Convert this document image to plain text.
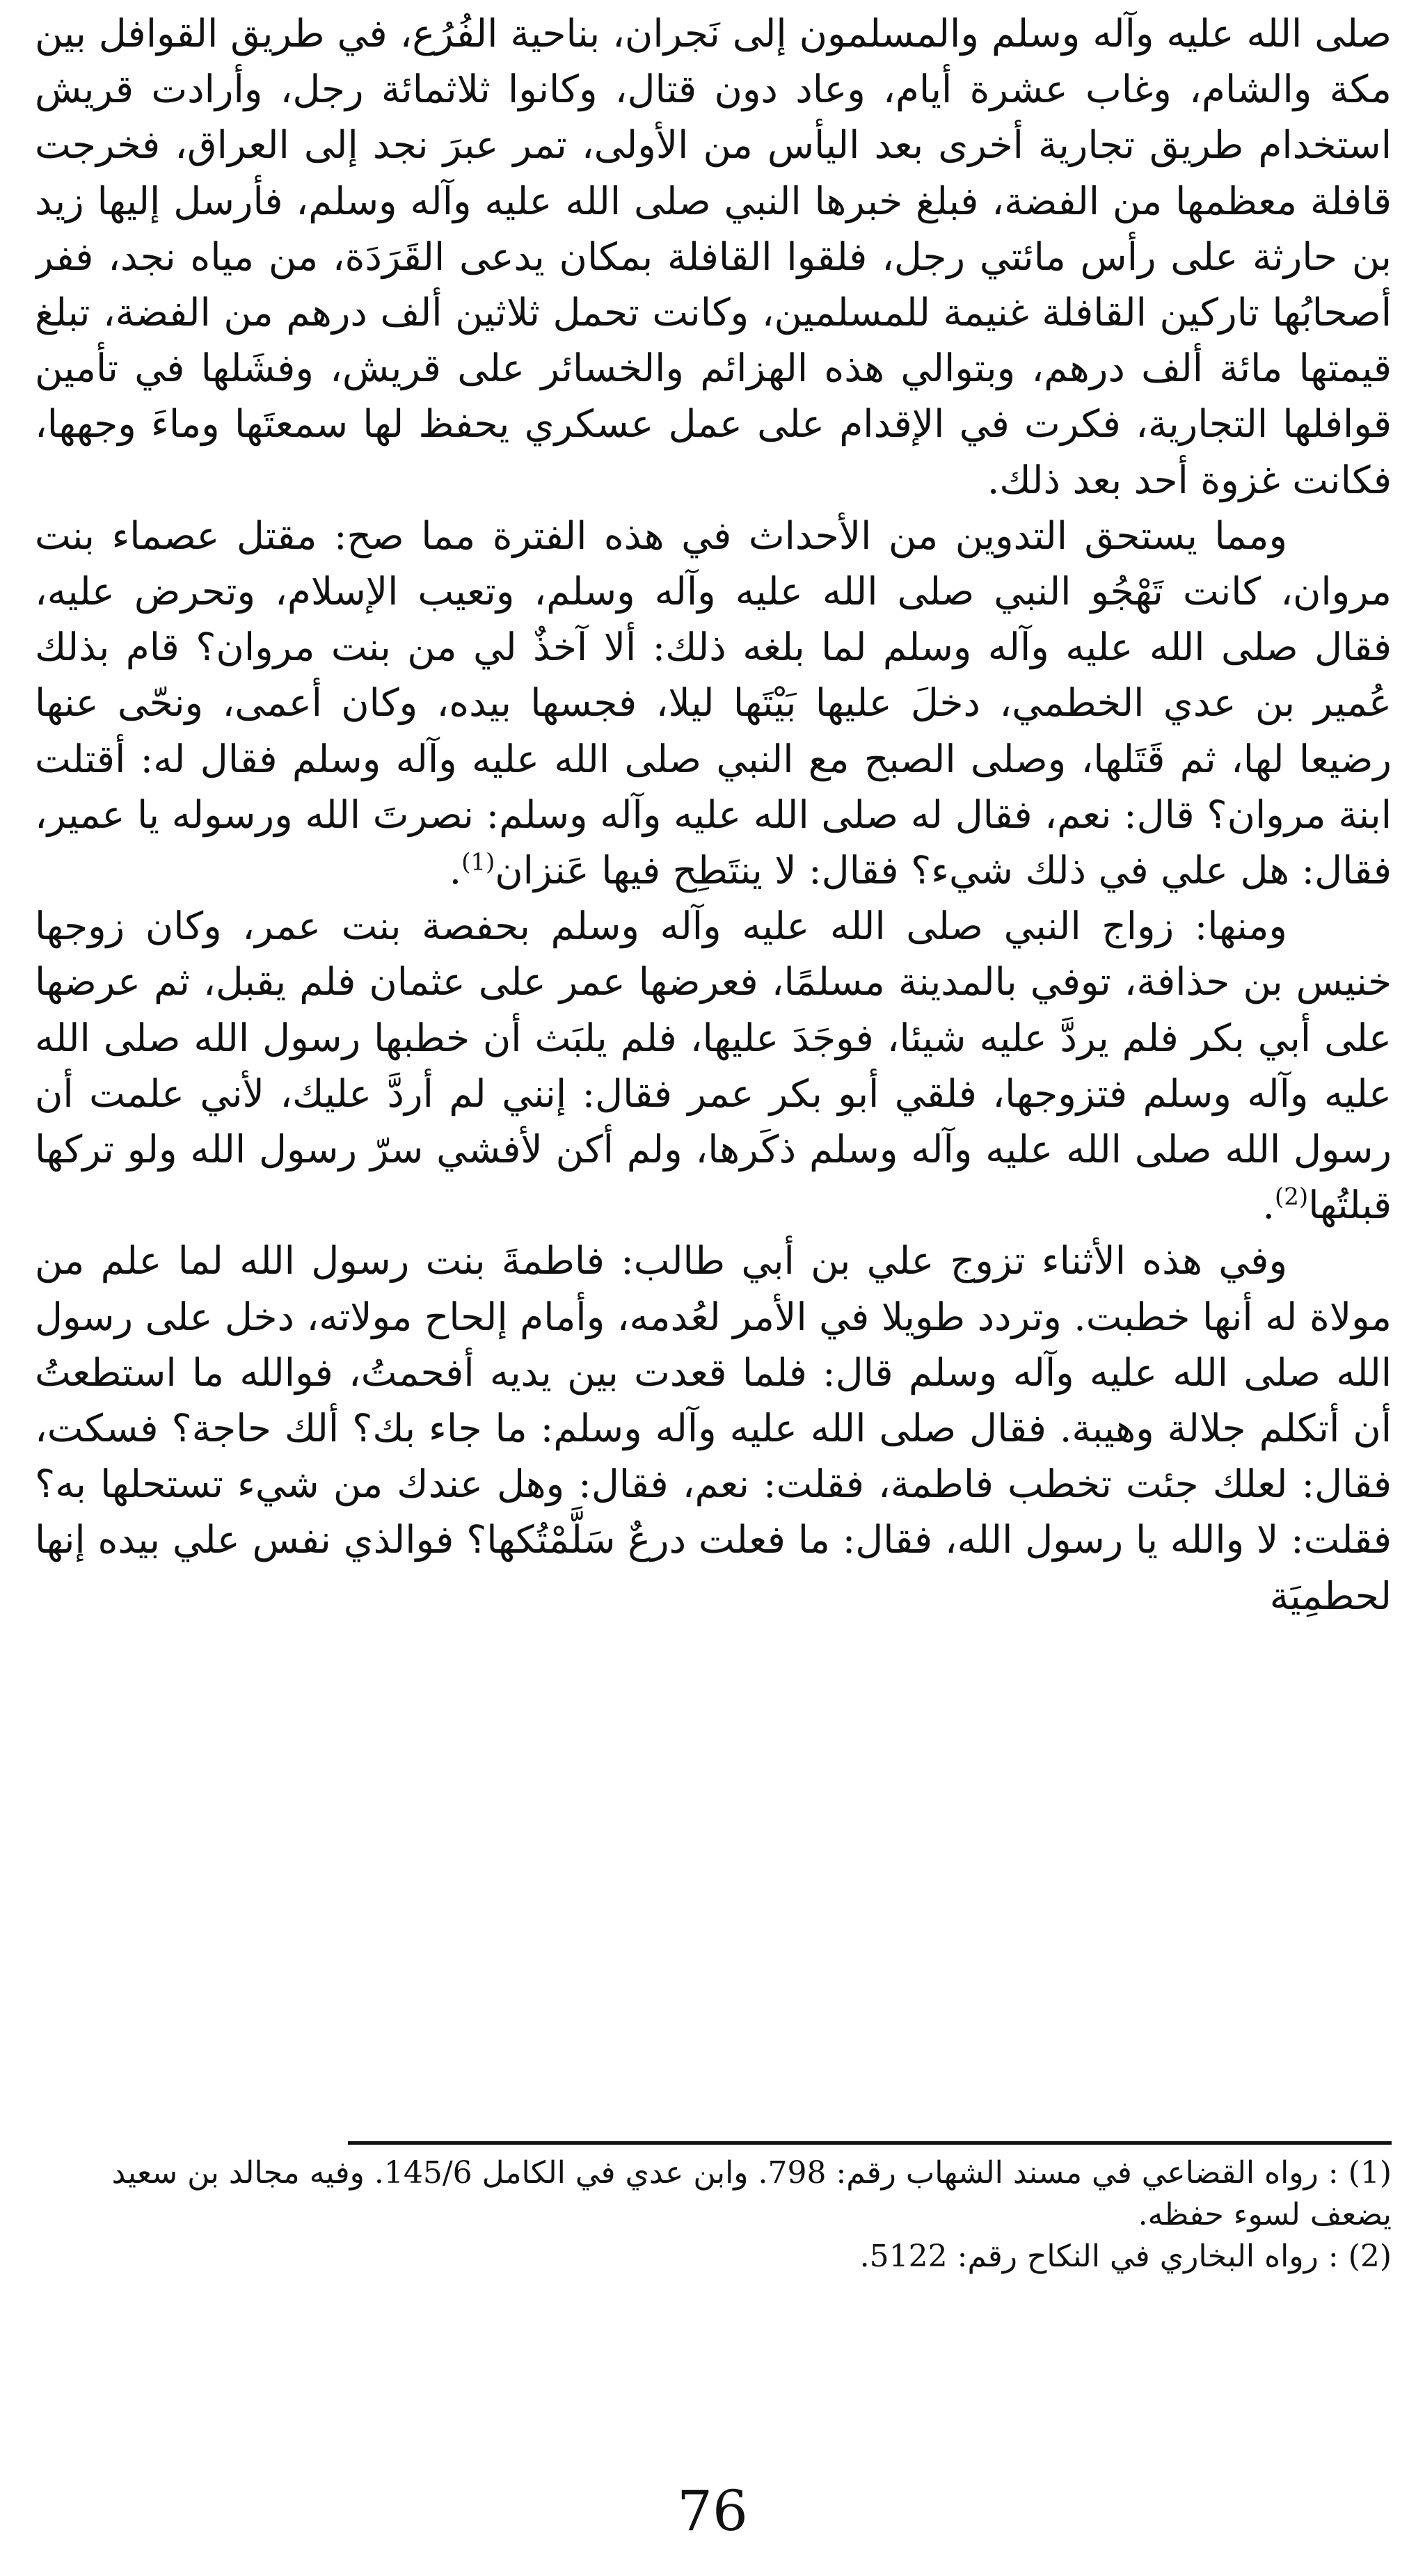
صلى الله عليه وآله وسلم والمسلمون إلى نَجران، بناحية الفُرُع، في طريق القوافل بين مكة والشام، وغاب عشرة أيام، وعاد دون قتال، وكانوا ثلاثمائة رجل، وأرادت قريش استخدام طريق تجارية أخرى بعد اليأس من الأولى، تمر عبرَ نجد إلى العراق، فخرجت قافلة معظمها من الفضة، فبلغ خبرها النبي صلى الله عليه وآله وسلم، فأرسل إليها زيد بن حارثة على رأس مائتي رجل، فلقوا القافلة بمكان يدعى القَرَدَة، من مياه نجد، ففر أصحابُها تاركين القافلة غنيمة للمسلمين، وكانت تحمل ثلاثين ألف درهم من الفضة، تبلغ قيمتها مائة ألف درهم، وبتوالي هذه الهزائم والخسائر على قريش، وفشَلها في تأمين قوافلها التجارية، فكرت في الإقدام على عمل عسكري يحفظ لها سمعتَها وماءَ وجهها، فكانت غزوة أحد بعد ذلك.

ومما يستحق التدوين من الأحداث في هذه الفترة مما صح: مقتل عصماء بنت مروان، كانت تَهْجُو النبي صلى الله عليه وآله وسلم، وتعيب الإسلام، وتحرض عليه، فقال صلى الله عليه وآله وسلم لما بلغه ذلك: ألا آخذٌ لي من بنت مروان؟ قام بذلك عُمير بن عدي الخطمي، دخلَ عليها بَيْتَها ليلا، فجسها بيده، وكان أعمى، ونحّى عنها رضيعا لها، ثم قَتَلها، وصلى الصبح مع النبي صلى الله عليه وآله وسلم فقال له: أقتلت ابنة مروان؟ قال: نعم، فقال له صلى الله عليه وآله وسلم: نصرتَ الله ورسوله يا عمير، فقال: هل علي في ذلك شيء؟ فقال: لا ينتَطِح فيها عَنزان$^{(1)}$.

ومنها: زواج النبي صلى الله عليه وآله وسلم بحفصة بنت عمر، وكان زوجها خنيس بن حذافة، توفي بالمدينة مسلمًا، فعرضها عمر على عثمان فلم يقبل، ثم عرضها على أبي بكر فلم يردَّ عليه شيئا، فوجَدَ عليها، فلم يلبَث أن خطبها رسول الله صلى الله عليه وآله وسلم فتزوجها، فلقي أبو بكر عمر فقال: إنني لم أردَّ عليك، لأني علمت أن رسول الله صلى الله عليه وآله وسلم ذكَرها، ولم أكن لأفشي سرّ رسول الله ولو تركها قبلتُها$^{(2)}$.

وفي هذه الأثناء تزوج علي بن أبي طالب: فاطمةَ بنت رسول الله لما علم من مولاة له أنها خطبت. وتردد طويلا في الأمر لعُدمه، وأمام إلحاح مولاته، دخل على رسول الله صلى الله عليه وآله وسلم قال: فلما قعدت بين يديه أفحمتُ، فوالله ما استطعتُ أن أتكلم جلالة وهيبة. فقال صلى الله عليه وآله وسلم: ما جاء بك؟ ألك حاجة؟ فسكت، فقال: لعلك جئت تخطب فاطمة، فقلت: نعم، فقال: وهل عندك من شيء تستحلها به؟ فقلت: لا والله يا رسول الله، فقال: ما فعلت درعٌ سَلَّمْتُكها؟ فوالذي نفس علي بيده إنها لحطمِيَة

(1) : رواه القضاعي في مسند الشهاب رقم: 798. وابن عدي في الكامل 145/6. وفيه مجالد بن سعيد يضعف لسوء حفظه.

(2) : رواه البخاري في النكاح رقم: 5122.

76
